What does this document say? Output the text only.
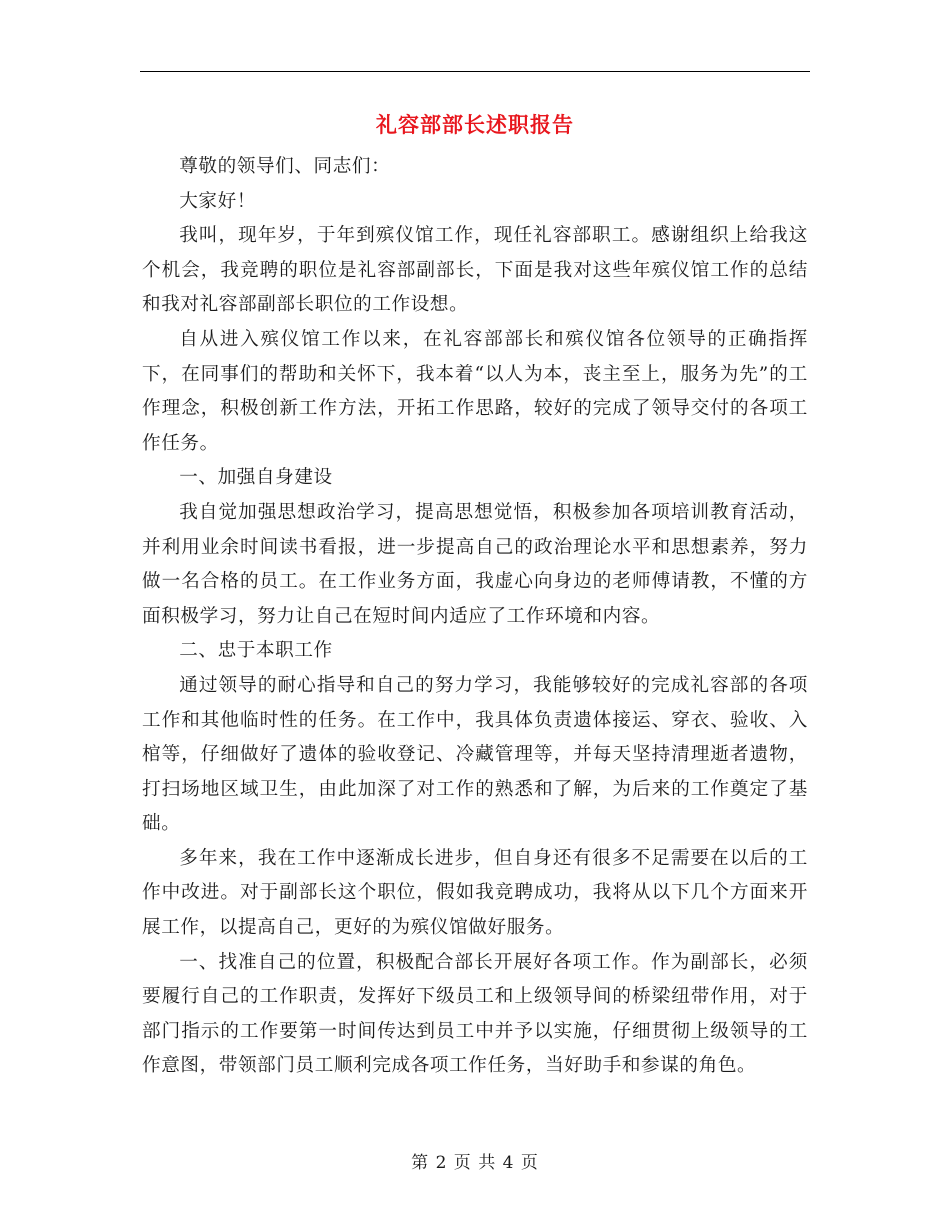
礼容部部长述职报告

尊敬的领导们、同志们：

大家好！

我叫，现年岁，于年到殡仪馆工作，现任礼容部职工。感谢组织上给我这个机会，我竞聘的职位是礼容部副部长，下面是我对这些年殡仪馆工作的总结和我对礼容部副部长职位的工作设想。

自从进入殡仪馆工作以来，在礼容部部长和殡仪馆各位领导的正确指挥下，在同事们的帮助和关怀下，我本着“以人为本，丧主至上，服务为先”的工作理念，积极创新工作方法，开拓工作思路，较好的完成了领导交付的各项工作任务。

一、加强自身建设

我自觉加强思想政治学习，提高思想觉悟，积极参加各项培训教育活动，并利用业余时间读书看报，进一步提高自己的政治理论水平和思想素养，努力做一名合格的员工。在工作业务方面，我虚心向身边的老师傅请教，不懂的方面积极学习，努力让自己在短时间内适应了工作环境和内容。

二、忠于本职工作

通过领导的耐心指导和自己的努力学习，我能够较好的完成礼容部的各项工作和其他临时性的任务。在工作中，我具体负责遗体接运、穿衣、验收、入棺等，仔细做好了遗体的验收登记、冷藏管理等，并每天坚持清理逝者遗物，打扫场地区域卫生，由此加深了对工作的熟悉和了解，为后来的工作奠定了基础。

多年来，我在工作中逐渐成长进步，但自身还有很多不足需要在以后的工作中改进。对于副部长这个职位，假如我竞聘成功，我将从以下几个方面来开展工作，以提高自己，更好的为殡仪馆做好服务。

一、找准自己的位置，积极配合部长开展好各项工作。作为副部长，必须要履行自己的工作职责，发挥好下级员工和上级领导间的桥梁纽带作用，对于部门指示的工作要第一时间传达到员工中并予以实施，仔细贯彻上级领导的工作意图，带领部门员工顺利完成各项工作任务，当好助手和参谋的角色。

第 2 页 共 4 页
